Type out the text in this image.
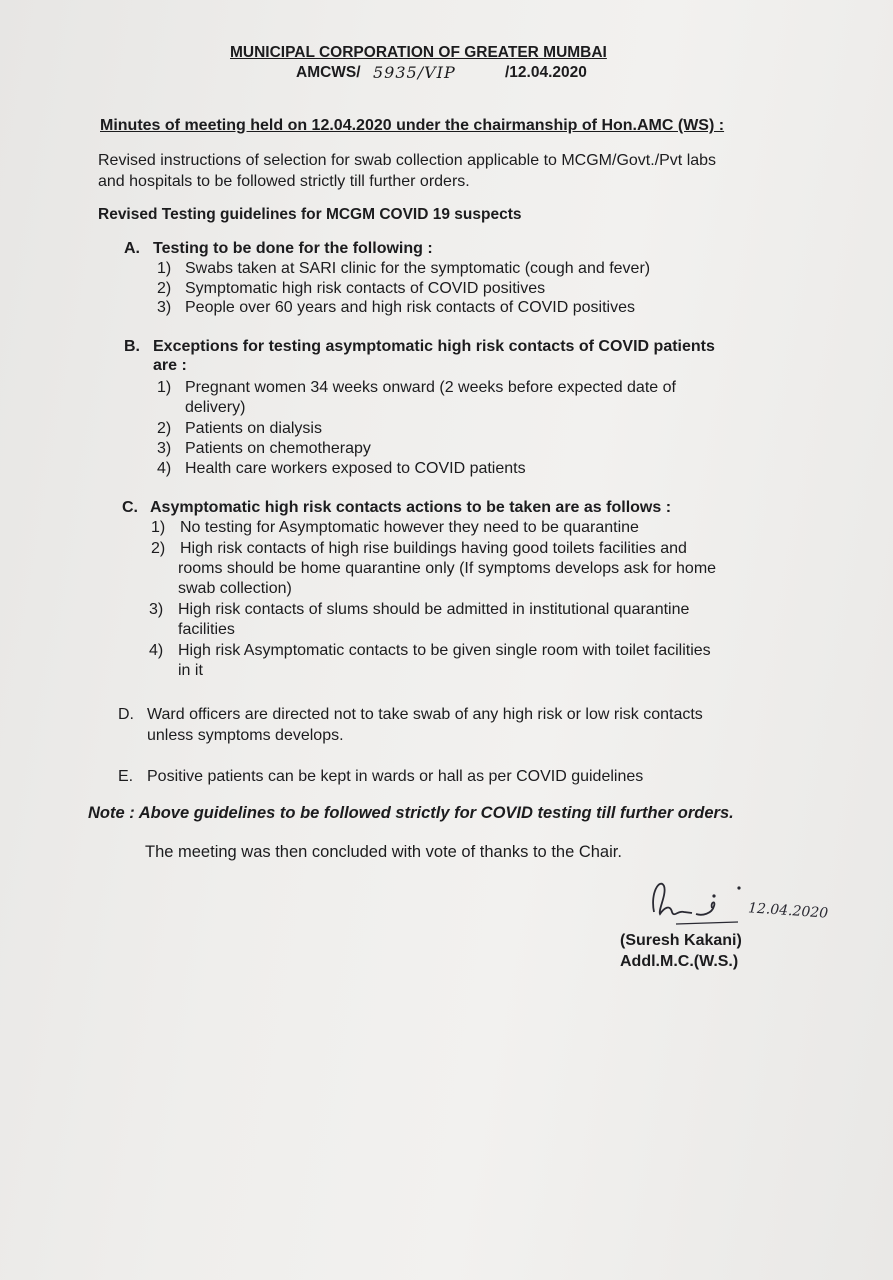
MUNICIPAL CORPORATION OF GREATER MUMBAI
AMCWS/ 5935/VIP	/12.04.2020
Minutes of meeting held on 12.04.2020 under the chairmanship of Hon.AMC (WS) :
Revised instructions of selection for swab collection applicable to MCGM/Govt./Pvt labs
and hospitals to be followed strictly till further orders.
Revised Testing guidelines for MCGM COVID 19 suspects
A. Testing to be done for the following :
1) Swabs taken at SARI clinic for the symptomatic (cough and fever)
2) Symptomatic high risk contacts of COVID positives
3) People over 60 years and high risk contacts of COVID positives
B. Exceptions for testing asymptomatic high risk contacts of COVID patients
are :
1) Pregnant women 34 weeks onward (2 weeks before expected date of
delivery)
2) Patients on dialysis
3) Patients on chemotherapy
4) Health care workers exposed to COVID patients
C. Asymptomatic high risk contacts actions to be taken are as follows :
1) No testing for Asymptomatic however they need to be quarantine
2) High risk contacts of high rise buildings having good toilets facilities and
rooms should be home quarantine only (If symptoms develops ask for home
swab collection)
3) High risk contacts of slums should be admitted in institutional quarantine
facilities
4) High risk Asymptomatic contacts to be given single room with toilet facilities
in it
D. Ward officers are directed not to take swab of any high risk or low risk contacts
unless symptoms develops.
E. Positive patients can be kept in wards or hall as per COVID guidelines
Note : Above guidelines to be followed strictly for COVID testing till further orders.
The meeting was then concluded with vote of thanks to the Chair.
12.04.2020
(Suresh Kakani)
Addl.M.C.(W.S.)
